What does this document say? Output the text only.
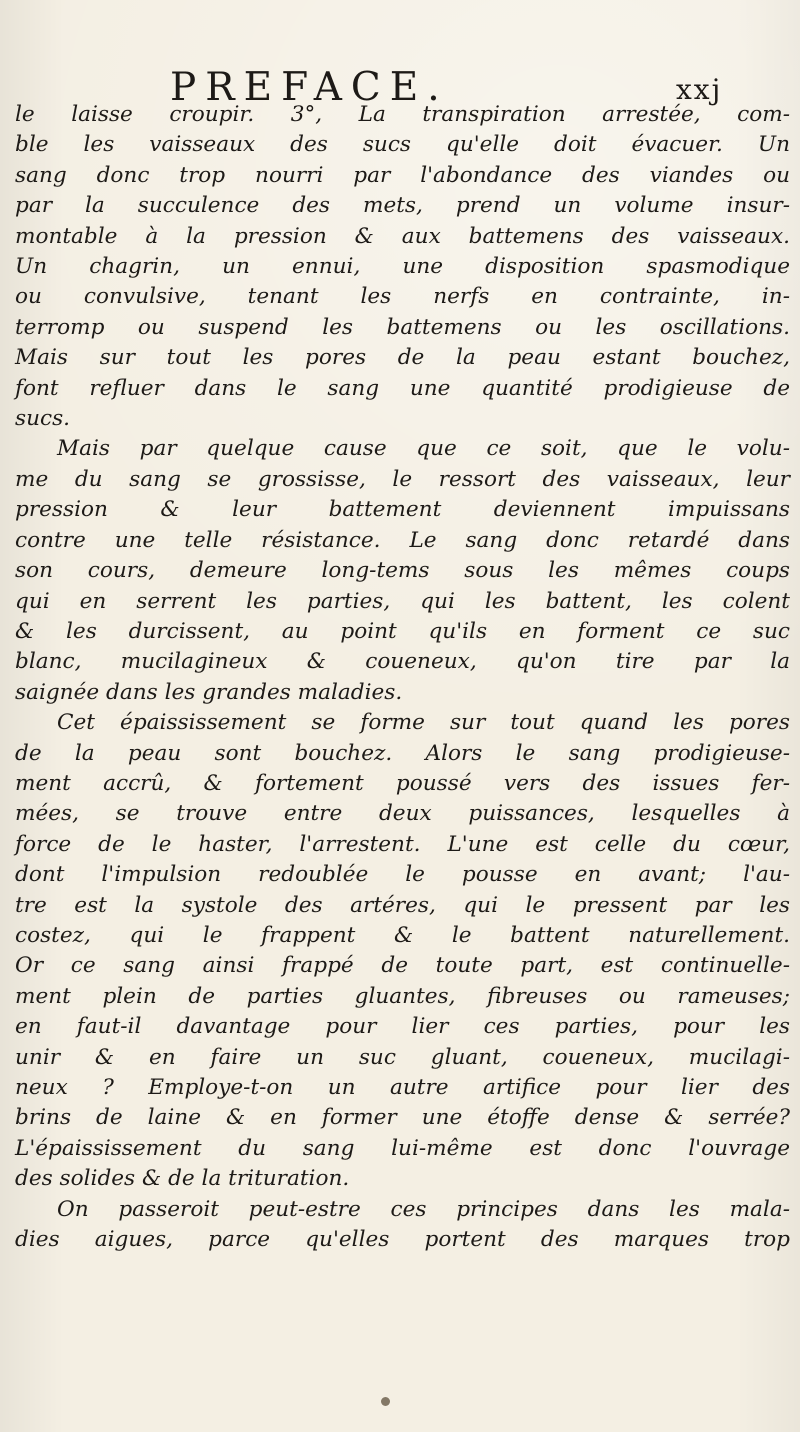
PREFACE.	xxj
le laisse croupir. 3°, La transpiration arrestée, com-
ble les vaisseaux des sucs qu'elle doit évacuer. Un
sang donc trop nourri par l'abondance des viandes ou
par la succulence des mets, prend un volume insur-
montable à la pression & aux battemens des vaisseaux.
Un chagrin, un ennui, une disposition spasmodique
ou convulsive, tenant les nerfs en contrainte, in-
terromp ou suspend les battemens ou les oscillations.
Mais sur tout les pores de la peau estant bouchez,
font refluer dans le sang une quantité prodigieuse de
sucs.
Mais par quelque cause que ce soit, que le volu-
me du sang se grossisse, le ressort des vaisseaux, leur
pression & leur battement deviennent impuissans
contre une telle résistance. Le sang donc retardé dans
son cours, demeure long-tems sous les mêmes coups
qui en serrent les parties, qui les battent, les colent
& les durcissent, au point qu'ils en forment ce suc
blanc, mucilagineux & coueneux, qu'on tire par la
saignée dans les grandes maladies.
Cet épaississement se forme sur tout quand les pores
de la peau sont bouchez. Alors le sang prodigieuse-
ment accrû, & fortement poussé vers des issues fer-
mées, se trouve entre deux puissances, lesquelles à
force de le haster, l'arrestent. L'une est celle du cœur,
dont l'impulsion redoublée le pousse en avant; l'au-
tre est la systole des artéres, qui le pressent par les
costez, qui le frappent & le battent naturellement.
Or ce sang ainsi frappé de toute part, est continuelle-
ment plein de parties gluantes, fibreuses ou rameuses;
en faut-il davantage pour lier ces parties, pour les
unir & en faire un suc gluant, coueneux, mucilagi-
neux ? Employe-t-on un autre artifice pour lier des
brins de laine & en former une étoffe dense & serrée?
L'épaississement du sang lui-même est donc l'ouvrage
des solides & de la trituration.
On passeroit peut-estre ces principes dans les mala-
dies aigues, parce qu'elles portent des marques trop
